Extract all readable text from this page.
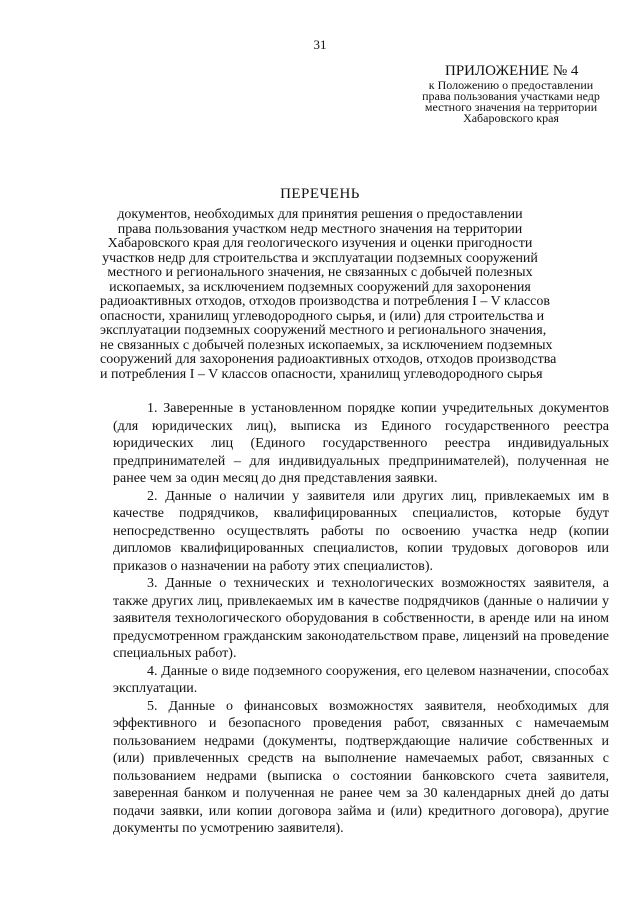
31
ПРИЛОЖЕНИЕ № 4
к Положению о предоставлении
права пользования участками недр
местного значения на территории
Хабаровского края
ПЕРЕЧЕНЬ
документов, необходимых для принятия решения о предоставлении
права пользования участком недр местного значения на территории
Хабаровского края для геологического изучения и оценки пригодности
участков недр для строительства и эксплуатации подземных сооружений
местного и регионального значения, не связанных с добычей полезных
ископаемых, за исключением подземных сооружений для захоронения
радиоактивных отходов, отходов производства и потребления I – V классов
опасности, хранилищ углеводородного сырья, и (или) для строительства и
эксплуатации подземных сооружений местного и регионального значения,
не связанных с добычей полезных ископаемых, за исключением подземных
сооружений для захоронения радиоактивных отходов, отходов производства
и потребления I – V классов опасности, хранилищ углеводородного сырья

1. Заверенные в установленном порядке копии учредительных документов (для юридических лиц), выписка из Единого государственного реестра юридических лиц (Единого государственного реестра индивидуальных предпринимателей – для индивидуальных предпринимателей), полученная не ранее чем за один месяц до дня представления заявки.

2. Данные о наличии у заявителя или других лиц, привлекаемых им в качестве подрядчиков, квалифицированных специалистов, которые будут непосредственно осуществлять работы по освоению участка недр (копии дипломов квалифицированных специалистов, копии трудовых договоров или приказов о назначении на работу этих специалистов).

3. Данные о технических и технологических возможностях заявителя, а также других лиц, привлекаемых им в качестве подрядчиков (данные о наличии у заявителя технологического оборудования в собственности, в аренде или на ином предусмотренном гражданским законодательством праве, лицензий на проведение специальных работ).

4. Данные о виде подземного сооружения, его целевом назначении, способах эксплуатации.

5. Данные о финансовых возможностях заявителя, необходимых для эффективного и безопасного проведения работ, связанных с намечаемым пользованием недрами (документы, подтверждающие наличие собственных и (или) привлеченных средств на выполнение намечаемых работ, связанных с пользованием недрами (выписка о состоянии банковского счета заявителя, заверенная банком и полученная не ранее чем за 30 календарных дней до даты подачи заявки, или копии договора займа и (или) кредитного договора), другие документы по усмотрению заявителя).
